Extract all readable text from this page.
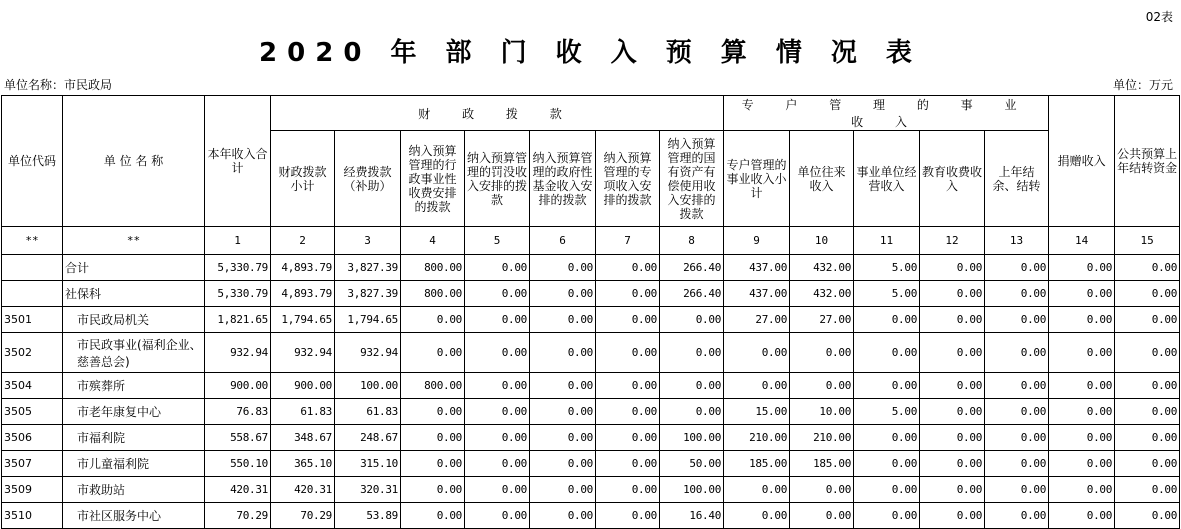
02表
2020 年 部 门 收 入 预 算 情 况 表
单位名称：市民政局	单位：万元
单位代码	单 位 名 称	本年收入合计	财 政 拨 款							专 户 管 理 的 事 业 收 入					捐赠收入	公共预算上年结转资金
			财政拨款小计	经费拨款（补助）	纳入预算管理的行政事业性收费安排的拨款	纳入预算管理的罚没收入安排的拨款	纳入预算管理的政府性基金收入安排的拨款	纳入预算管理的专项收入安排的拨款	纳入预算管理的国有资产有偿使用收入安排的拨款	专户管理的事业收入小计	单位往来收入	事业单位经营收入	教育收费收入	上年结余、结转		
**	**	1	2	3	4	5	6	7	8	9	10	11	12	13	14	15
	合计	5,330.79	4,893.79	3,827.39	800.00	0.00	0.00	0.00	266.40	437.00	432.00	5.00	0.00	0.00	0.00	0.00
	社保科	5,330.79	4,893.79	3,827.39	800.00	0.00	0.00	0.00	266.40	437.00	432.00	5.00	0.00	0.00	0.00	0.00
3501	市民政局机关	1,821.65	1,794.65	1,794.65	0.00	0.00	0.00	0.00	0.00	27.00	27.00	0.00	0.00	0.00	0.00	0.00
3502	市民政事业(福利企业、慈善总会)	932.94	932.94	932.94	0.00	0.00	0.00	0.00	0.00	0.00	0.00	0.00	0.00	0.00	0.00	0.00
3504	市殡葬所	900.00	900.00	100.00	800.00	0.00	0.00	0.00	0.00	0.00	0.00	0.00	0.00	0.00	0.00	0.00
3505	市老年康复中心	76.83	61.83	61.83	0.00	0.00	0.00	0.00	0.00	15.00	10.00	5.00	0.00	0.00	0.00	0.00
3506	市福利院	558.67	348.67	248.67	0.00	0.00	0.00	0.00	100.00	210.00	210.00	0.00	0.00	0.00	0.00	0.00
3507	市儿童福利院	550.10	365.10	315.10	0.00	0.00	0.00	0.00	50.00	185.00	185.00	0.00	0.00	0.00	0.00	0.00
3509	市救助站	420.31	420.31	320.31	0.00	0.00	0.00	0.00	100.00	0.00	0.00	0.00	0.00	0.00	0.00	0.00
3510	市社区服务中心	70.29	70.29	53.89	0.00	0.00	0.00	0.00	16.40	0.00	0.00	0.00	0.00	0.00	0.00	0.00
